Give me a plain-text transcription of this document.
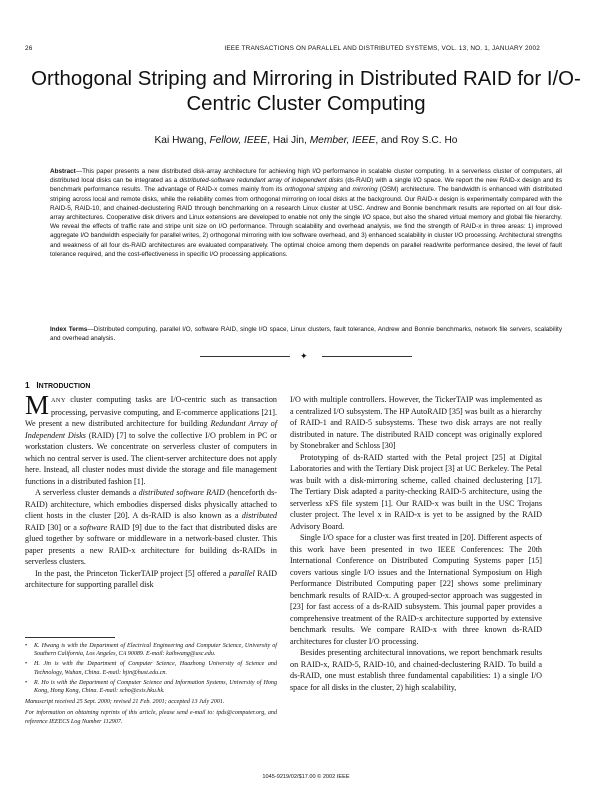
26	IEEE TRANSACTIONS ON PARALLEL AND DISTRIBUTED SYSTEMS, VOL. 13, NO. 1, JANUARY 2002
Orthogonal Striping and Mirroring in Distributed RAID for I/O-Centric Cluster Computing
Kai Hwang, Fellow, IEEE, Hai Jin, Member, IEEE, and Roy S.C. Ho
Abstract—This paper presents a new distributed disk-array architecture for achieving high I/O performance in scalable cluster computing. In a serverless cluster of computers, all distributed local disks can be integrated as a distributed-software redundant array of independent disks (ds-RAID) with a single I/O space. We report the new RAID-x design and its benchmark performance results. The advantage of RAID-x comes mainly from its orthogonal striping and mirroring (OSM) architecture. The bandwidth is enhanced with distributed striping across local and remote disks, while the reliability comes from orthogonal mirroring on local disks at the background. Our RAID-x design is experimentally compared with the RAID-5, RAID-10, and chained-declustering RAID through benchmarking on a research Linux cluster at USC. Andrew and Bonnie benchmark results are reported on all four disk-array architectures. Cooperative disk drivers and Linux extensions are developed to enable not only the single I/O space, but also the shared virtual memory and global file hierarchy. We reveal the effects of traffic rate and stripe unit size on I/O performance. Through scalability and overhead analysis, we find the strength of RAID-x in three areas: 1) improved aggregate I/O bandwidth especially for parallel writes, 2) orthogonal mirroring with low software overhead, and 3) enhanced scalability in cluster I/O processing. Architectural strengths and weakness of all four ds-RAID architectures are evaluated comparatively. The optimal choice among them depends on parallel read/write performance desired, the level of fault tolerance required, and the cost-effectiveness in specific I/O processing applications.
Index Terms—Distributed computing, parallel I/O, software RAID, single I/O space, Linux clusters, fault tolerance, Andrew and Bonnie benchmarks, network file servers, scalability and overhead analysis.
✦
1 INTRODUCTION

MANY cluster computing tasks are I/O-centric such as transaction processing, pervasive computing, and E-commerce applications [21]. We present a new distributed architecture for building Redundant Array of Independent Disks (RAID) [7] to solve the collective I/O problem in PC or workstation clusters. We concentrate on serverless cluster of computers in which no central server is used. The client-server architecture does not apply here. Instead, all cluster nodes must divide the storage and file management functions in a distributed fashion [1].

A serverless cluster demands a distributed software RAID (henceforth ds-RAID) architecture, which embodies dispersed disks physically attached to client hosts in the cluster [20]. A ds-RAID is also known as a distributed RAID [30] or a software RAID [9] due to the fact that distributed disks are glued together by software or middleware in a network-based cluster. This paper presents a new RAID-x architecture for building ds-RAIDs in serverless clusters.

In the past, the Princeton TickerTAIP project [5] offered a parallel RAID architecture for supporting parallel disk

• K. Hwang is with the Department of Electrical Engineering and Computer Science, University of Southern California, Los Angeles, CA 90089. E-mail: kaihwang@usc.edu.
• H. Jin is with the Department of Computer Science, Huazhong University of Science and Technology, Wuhan, China. E-mail: hjin@hust.edu.cn.
• R. Ho is with the Department of Computer Science and Information Systems, University of Hong Kong, Hong Kong, China. E-mail: scho@csis.hku.hk.
Manuscript received 25 Sept. 2000; revised 21 Feb. 2001; accepted 13 July 2001.
For information on obtaining reprints of this article, please send e-mail to: tpds@computer.org, and reference IEEECS Log Number 112907.

I/O with multiple controllers. However, the TickerTAIP was implemented as a centralized I/O subsystem. The HP AutoRAID [35] was built as a hierarchy of RAID-1 and RAID-5 subsystems. These two disk arrays are not really distributed in nature. The distributed RAID concept was originally explored by Stonebraker and Schloss [30]

Prototyping of ds-RAID started with the Petal project [25] at Digital Laboratories and with the Tertiary Disk project [3] at UC Berkeley. The Petal was built with a disk-mirroring scheme, called chained declustering [17]. The Tertiary Disk adapted a parity-checking RAID-5 architecture, using the serverless xFS file system [1]. Our RAID-x was built in the USC Trojans cluster project. The level x in RAID-x is yet to be assigned by the RAID Advisory Board.

Single I/O space for a cluster was first treated in [20]. Different aspects of this work have been presented in two IEEE Conferences: The 20th International Conference on Distributed Computing Systems paper [15] covers various single I/O issues and the International Symposium on High Performance Distributed Computing paper [22] shows some preliminary benchmark results of RAID-x. A grouped-sector approach was suggested in [23] for fast access of a ds-RAID subsystem. This journal paper provides a comprehensive treatment of the RAID-x architecture supported by extensive benchmark results. We compare RAID-x with three known ds-RAID architectures for cluster I/O processing.

Besides presenting architectural innovations, we report benchmark results on RAID-x, RAID-5, RAID-10, and chained-declustering RAID. To build a ds-RAID, one must establish three fundamental capabilities: 1) a single I/O space for all disks in the cluster, 2) high scalability,

1045-9219/02/$17.00 © 2002 IEEE
